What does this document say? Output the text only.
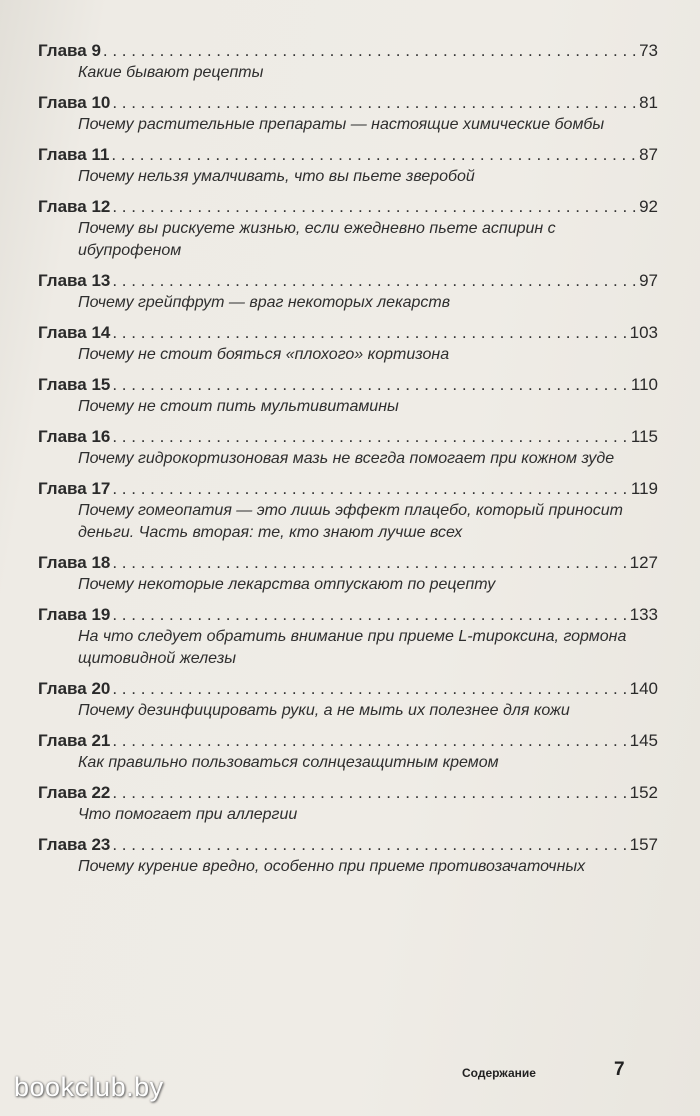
Глава 9 . . .	73
Какие бывают рецепты
Глава 10 . . .	81
Почему растительные препараты — настоящие химические бомбы
Глава 11 . . .	87
Почему нельзя умалчивать, что вы пьете зверобой
Глава 12 . . .	92
Почему вы рискуете жизнью, если ежедневно пьете аспирин с ибупрофеном
Глава 13 . . .	97
Почему грейпфрут — враг некоторых лекарств
Глава 14 . . .	103
Почему не стоит бояться «плохого» кортизона
Глава 15 . . .	110
Почему не стоит пить мультивитамины
Глава 16 . . .	115
Почему гидрокортизоновая мазь не всегда помогает при кожном зуде
Глава 17 . . .	119
Почему гомеопатия — это лишь эффект плацебо, который приносит деньги. Часть вторая: те, кто знают лучше всех
Глава 18 . . .	127
Почему некоторые лекарства отпускают по рецепту
Глава 19 . . .	133
На что следует обратить внимание при приеме L-тироксина, гормона щитовидной железы
Глава 20 . . .	140
Почему дезинфицировать руки, а не мыть их полезнее для кожи
Глава 21 . . .	145
Как правильно пользоваться солнцезащитным кремом
Глава 22 . . .	152
Что помогает при аллергии
Глава 23 . . .	157
Почему курение вредно, особенно при приеме противозачаточных
Содержание	7
bookclub.by
